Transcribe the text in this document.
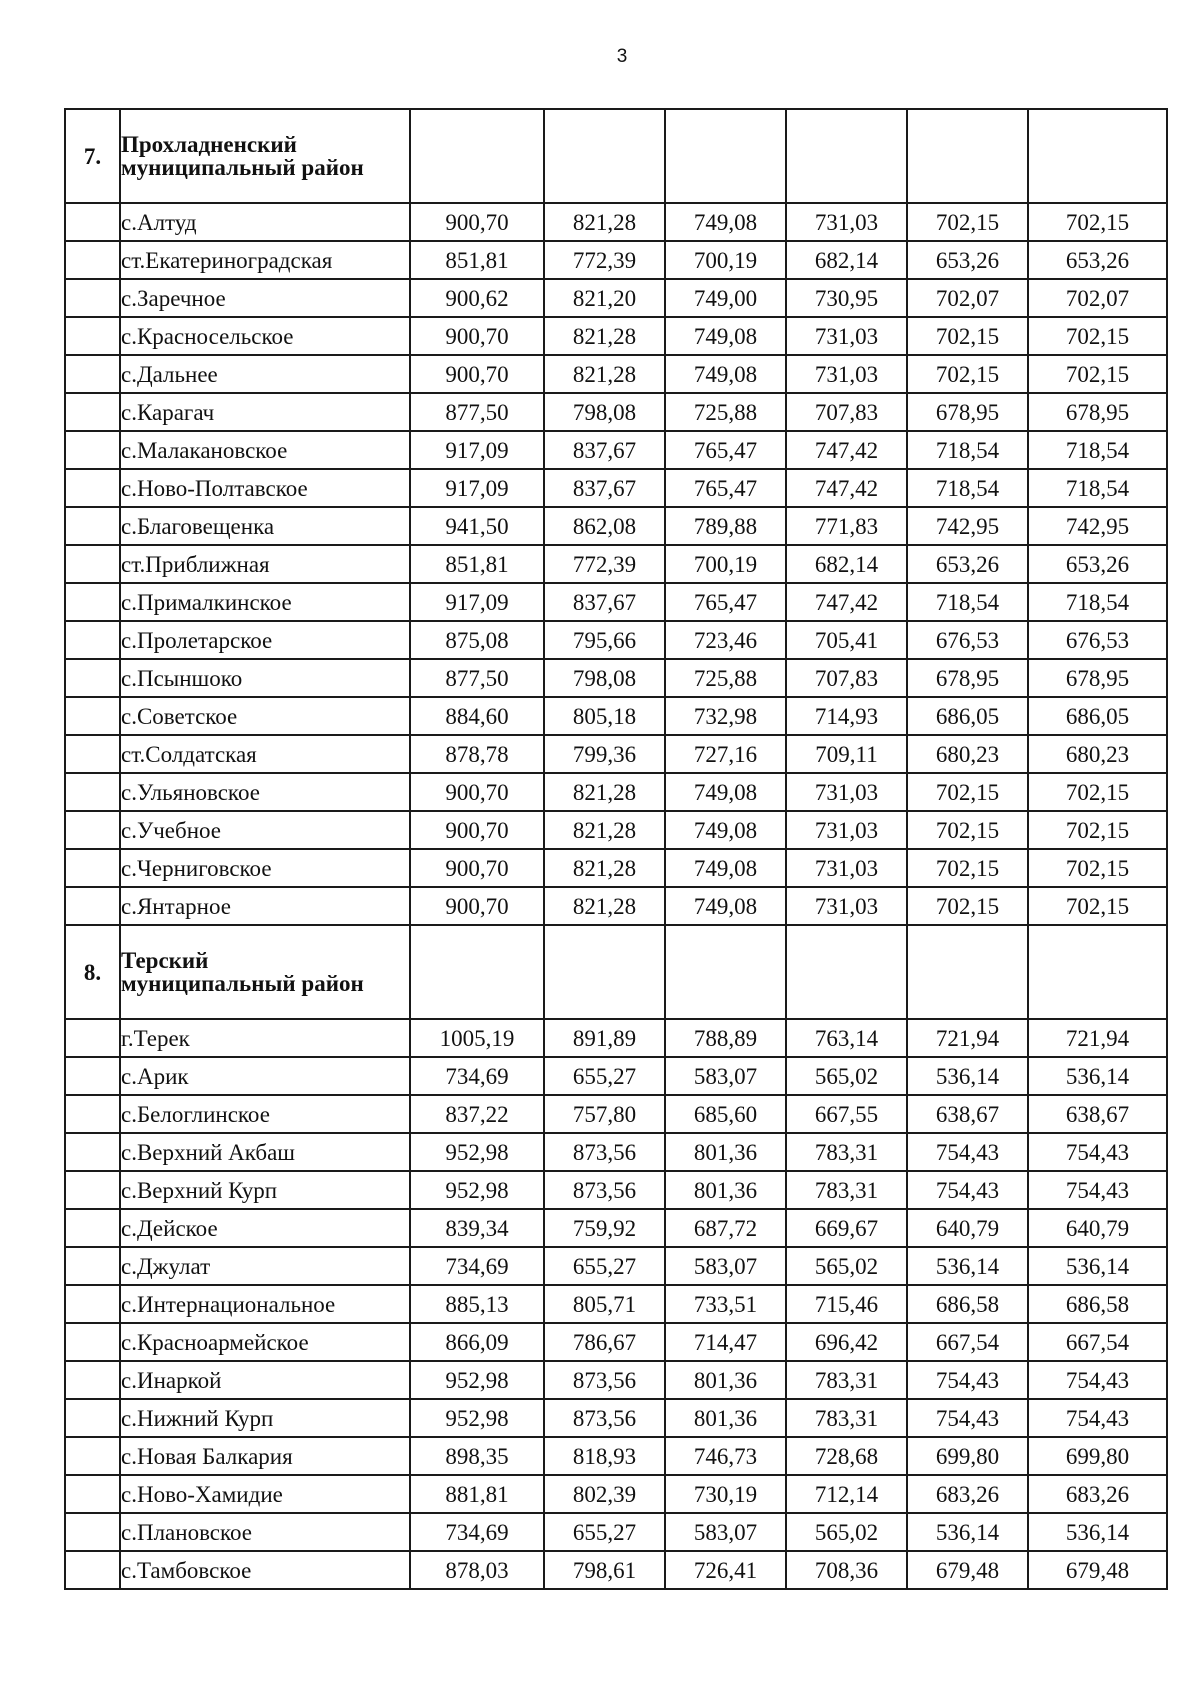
3
7.	Прохладненский
муниципальный район						

	с.Алтуд	900,70	821,28	749,08	731,03	702,15	702,15
	ст.Екатериноградская	851,81	772,39	700,19	682,14	653,26	653,26
	с.Заречное	900,62	821,20	749,00	730,95	702,07	702,07
	с.Красносельское	900,70	821,28	749,08	731,03	702,15	702,15
	с.Дальнее	900,70	821,28	749,08	731,03	702,15	702,15
	с.Карагач	877,50	798,08	725,88	707,83	678,95	678,95
	с.Малакановское	917,09	837,67	765,47	747,42	718,54	718,54
	с.Ново-Полтавское	917,09	837,67	765,47	747,42	718,54	718,54
	с.Благовещенка	941,50	862,08	789,88	771,83	742,95	742,95
	ст.Приближная	851,81	772,39	700,19	682,14	653,26	653,26
	с.Прималкинское	917,09	837,67	765,47	747,42	718,54	718,54
	с.Пролетарское	875,08	795,66	723,46	705,41	676,53	676,53
	с.Псыншоко	877,50	798,08	725,88	707,83	678,95	678,95
	с.Советское	884,60	805,18	732,98	714,93	686,05	686,05
	ст.Солдатская	878,78	799,36	727,16	709,11	680,23	680,23
	с.Ульяновское	900,70	821,28	749,08	731,03	702,15	702,15
	с.Учебное	900,70	821,28	749,08	731,03	702,15	702,15
	с.Черниговское	900,70	821,28	749,08	731,03	702,15	702,15
	с.Янтарное	900,70	821,28	749,08	731,03	702,15	702,15
8.	Терский
муниципальный район						

	г.Терек	1005,19	891,89	788,89	763,14	721,94	721,94
	с.Арик	734,69	655,27	583,07	565,02	536,14	536,14
	с.Белоглинское	837,22	757,80	685,60	667,55	638,67	638,67
	с.Верхний Акбаш	952,98	873,56	801,36	783,31	754,43	754,43
	с.Верхний Курп	952,98	873,56	801,36	783,31	754,43	754,43
	с.Дейское	839,34	759,92	687,72	669,67	640,79	640,79
	с.Джулат	734,69	655,27	583,07	565,02	536,14	536,14
	с.Интернациональное	885,13	805,71	733,51	715,46	686,58	686,58
	с.Красноармейское	866,09	786,67	714,47	696,42	667,54	667,54
	с.Инаркой	952,98	873,56	801,36	783,31	754,43	754,43
	с.Нижний Курп	952,98	873,56	801,36	783,31	754,43	754,43
	с.Новая Балкария	898,35	818,93	746,73	728,68	699,80	699,80
	с.Ново-Хамидие	881,81	802,39	730,19	712,14	683,26	683,26
	с.Плановское	734,69	655,27	583,07	565,02	536,14	536,14
	с.Тамбовское	878,03	798,61	726,41	708,36	679,48	679,48
